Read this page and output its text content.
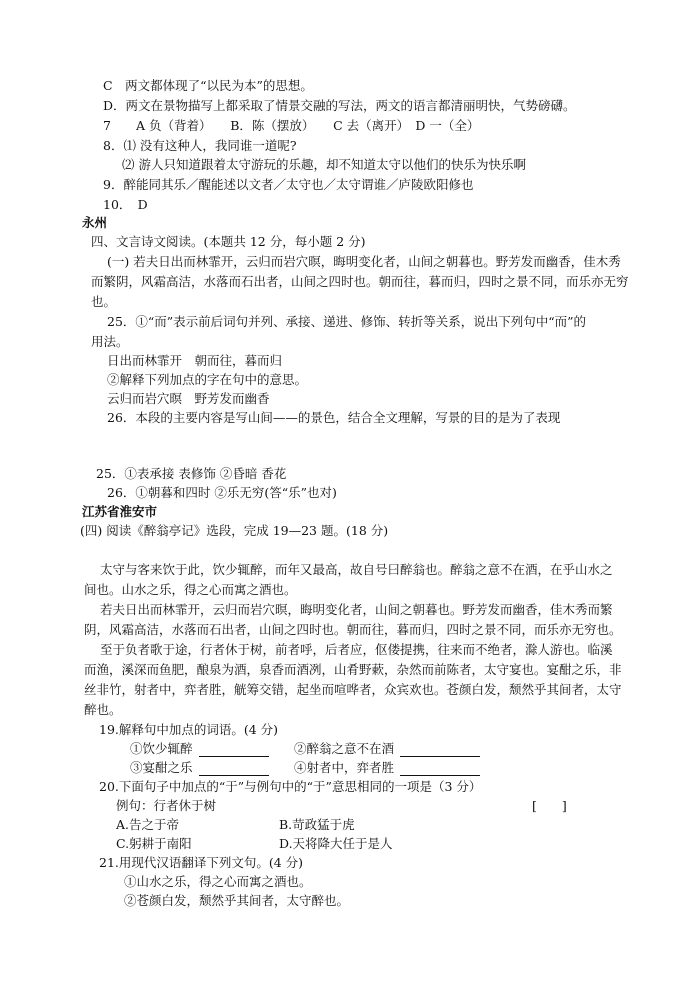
C　两文都体现了“以民为本”的思想。
D．两文在景物描写上都采取了情景交融的写法，两文的语言都清丽明快，气势磅礴。
7　　A 负（背着）　　B．陈（摆放）　　C 去（离开）　D 一（全）
8．⑴ 没有这种人，我同谁一道呢?
⑵ 游人只知道跟着太守游玩的乐趣，却不知道太守以他们的快乐为快乐啊
9．醉能同其乐／醒能述以文者／太守也／太守谓谁／庐陵欧阳修也
10．　D
永州
四、文言诗文阅读。(本题共 12 分，每小题 2 分)
(一) 若夫日出而林霏开，云归而岩穴暝，晦明变化者，山间之朝暮也。野芳发而幽香，佳木秀
而繁阴，风霜高洁，水落而石出者，山间之四时也。朝而往，暮而归，四时之景不同，而乐亦无穷
也。
25．①“而”表示前后词句并列、承接、递进、修饰、转折等关系，说出下列句中“而”的
用法。
日出而林霏开　朝而往，暮而归
②解释下列加点的字在句中的意思。
云归而岩穴暝　野芳发而幽香
26．本段的主要内容是写山间——的景色，结合全文理解，写景的目的是为了表现
25．①表承接 表修饰 ②昏暗 香花
26．①朝暮和四时 ②乐无穷(答“乐”也对)
江苏省淮安市
(四) 阅读《醉翁亭记》选段，完成 19—23 题。(18 分)
太守与客来饮于此，饮少辄醉，而年又最高，故自号曰醉翁也。醉翁之意不在酒，在乎山水之
间也。山水之乐，得之心而寓之酒也。
若夫日出而林霏开，云归而岩穴暝，晦明变化者，山间之朝暮也。野芳发而幽香，佳木秀而繁
阴，风霜高洁，水落而石出者，山间之四时也。朝而往，暮而归，四时之景不同，而乐亦无穷也。
至于负者歌于途，行者休于树，前者呼，后者应，伛偻提携，往来而不绝者，滁人游也。临溪
而渔，溪深而鱼肥，酿泉为酒，泉香而酒冽，山肴野蔌，杂然而前陈者，太守宴也。宴酣之乐，非
丝非竹，射者中，弈者胜，觥筹交错，起坐而喧哗者，众宾欢也。苍颜白发，颓然乎其间者，太守
醉也。
19.解释句中加点的词语。(4 分)
①饮少辄醉	②醉翁之意不在酒
③宴酣之乐	④射者中，弈者胜
20.下面句子中加点的“于”与例句中的“于”意思相同的一项是（3 分）
例句：行者休于树	[　　]
A.告之于帝	B.苛政猛于虎
C.躬耕于南阳	D.天将降大任于是人
21.用现代汉语翻译下列文句。(4 分)
①山水之乐，得之心而寓之酒也。
②苍颜白发，颓然乎其间者，太守醉也。
